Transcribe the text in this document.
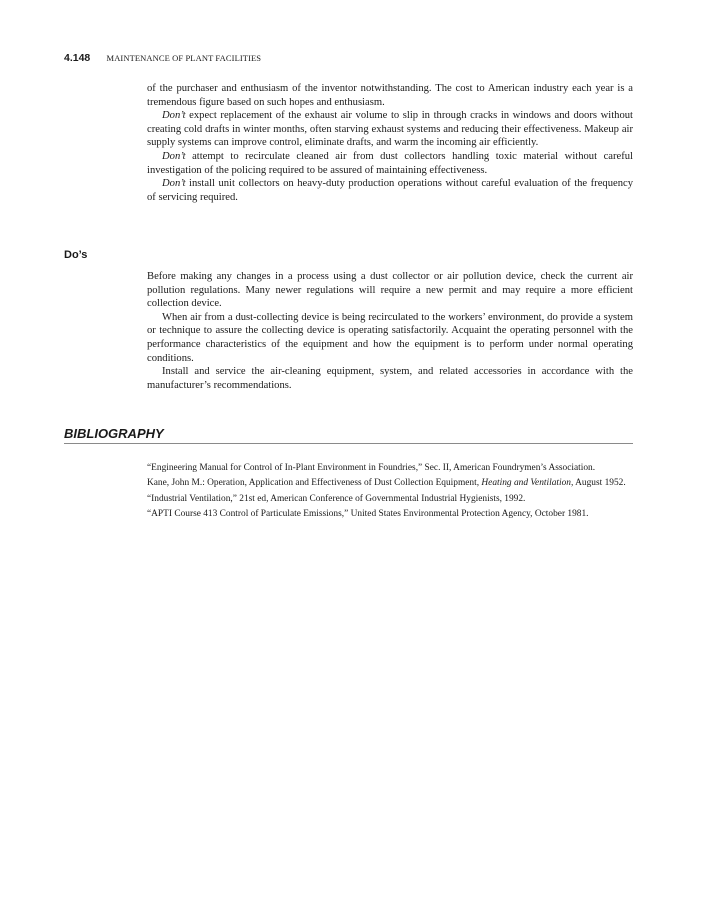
4.148 MAINTENANCE OF PLANT FACILITIES

of the purchaser and enthusiasm of the inventor notwithstanding. The cost to American industry each year is a tremendous figure based on such hopes and enthusiasm.

Don’t expect replacement of the exhaust air volume to slip in through cracks in windows and doors without creating cold drafts in winter months, often starving exhaust systems and reducing their effectiveness. Makeup air supply systems can improve control, eliminate drafts, and warm the incoming air efficiently.

Don’t attempt to recirculate cleaned air from dust collectors handling toxic material without careful investigation of the policing required to be assured of maintaining effectiveness.

Don’t install unit collectors on heavy-duty production operations without careful evaluation of the frequency of servicing required.

Do’s

Before making any changes in a process using a dust collector or air pollution device, check the current air pollution regulations. Many newer regulations will require a new permit and may require a more efficient collection device.

When air from a dust-collecting device is being recirculated to the workers’ environment, do provide a system or technique to assure the collecting device is operating satisfactorily. Acquaint the operating personnel with the performance characteristics of the equipment and how the equipment is to perform under normal operating conditions.

Install and service the air-cleaning equipment, system, and related accessories in accordance with the manufacturer’s recommendations.

BIBLIOGRAPHY
“Engineering Manual for Control of In-Plant Environment in Foundries,” Sec. II, American Foundrymen’s Association.
Kane, John M.: Operation, Application and Effectiveness of Dust Collection Equipment, Heating and Ventilation, August 1952.
“Industrial Ventilation,” 21st ed, American Conference of Governmental Industrial Hygienists, 1992.
“APTI Course 413 Control of Particulate Emissions,” United States Environmental Protection Agency, October 1981.
